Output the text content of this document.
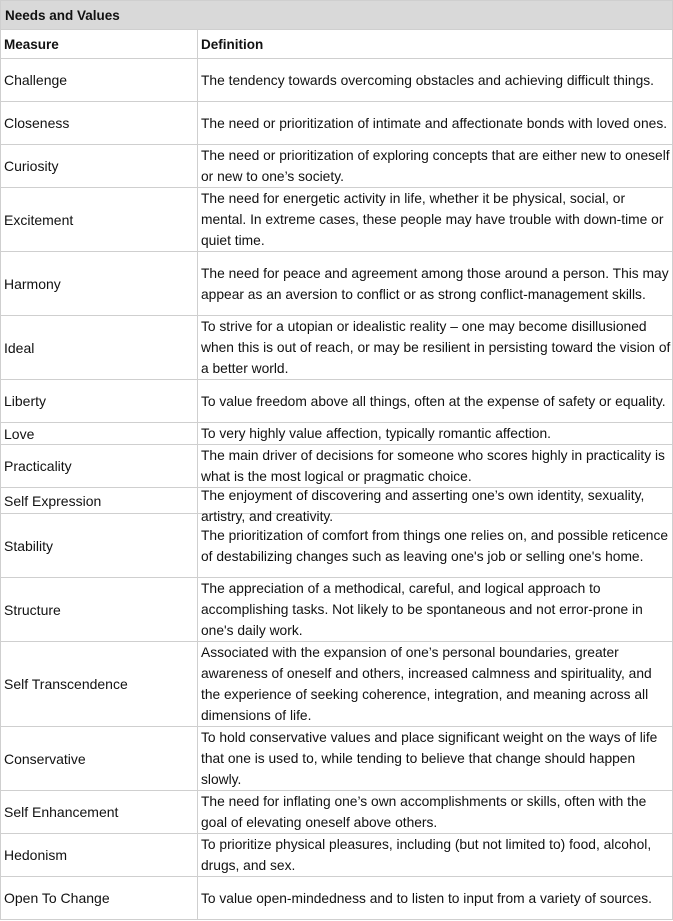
Needs and Values	
Measure	Definition
Challenge	The tendency towards overcoming obstacles and achieving difficult things.
Closeness	The need or prioritization of intimate and affectionate bonds with loved ones.
Curiosity	The need or prioritization of exploring concepts that are either new to oneself or new to one’s society.
Excitement	The need for energetic activity in life, whether it be physical, social, or mental. In extreme cases, these people may have trouble with down-time or quiet time.
Harmony	The need for peace and agreement among those around a person. This may appear as an aversion to conflict or as strong conflict-management skills.
Ideal	To strive for a utopian or idealistic reality – one may become disillusioned when this is out of reach, or may be resilient in persisting toward the vision of a better world.
Liberty	To value freedom above all things, often at the expense of safety or equality.
Love	To very highly value affection, typically romantic affection.
Practicality	The main driver of decisions for someone who scores highly in practicality is what is the most logical or pragmatic choice.
Self Expression	The enjoyment of discovering and asserting one’s own identity, sexuality, artistry, and creativity.

Stability	The prioritization of comfort from things one relies on, and possible reticence of destabilizing changes such as leaving one's job or selling one's home.
Structure	The appreciation of a methodical, careful, and logical approach to accomplishing tasks. Not likely to be spontaneous and not error-prone in one's daily work.
Self Transcendence	Associated with the expansion of one’s personal boundaries, greater awareness of oneself and others, increased calmness and spirituality, and the experience of seeking coherence, integration, and meaning across all dimensions of life.
Conservative	To hold conservative values and place significant weight on the ways of life that one is used to, while tending to believe that change should happen slowly.
Self Enhancement	The need for inflating one’s own accomplishments or skills, often with the goal of elevating oneself above others.
Hedonism	To prioritize physical pleasures, including (but not limited to) food, alcohol, drugs, and sex.
Open To Change	To value open-mindedness and to listen to input from a variety of sources.
